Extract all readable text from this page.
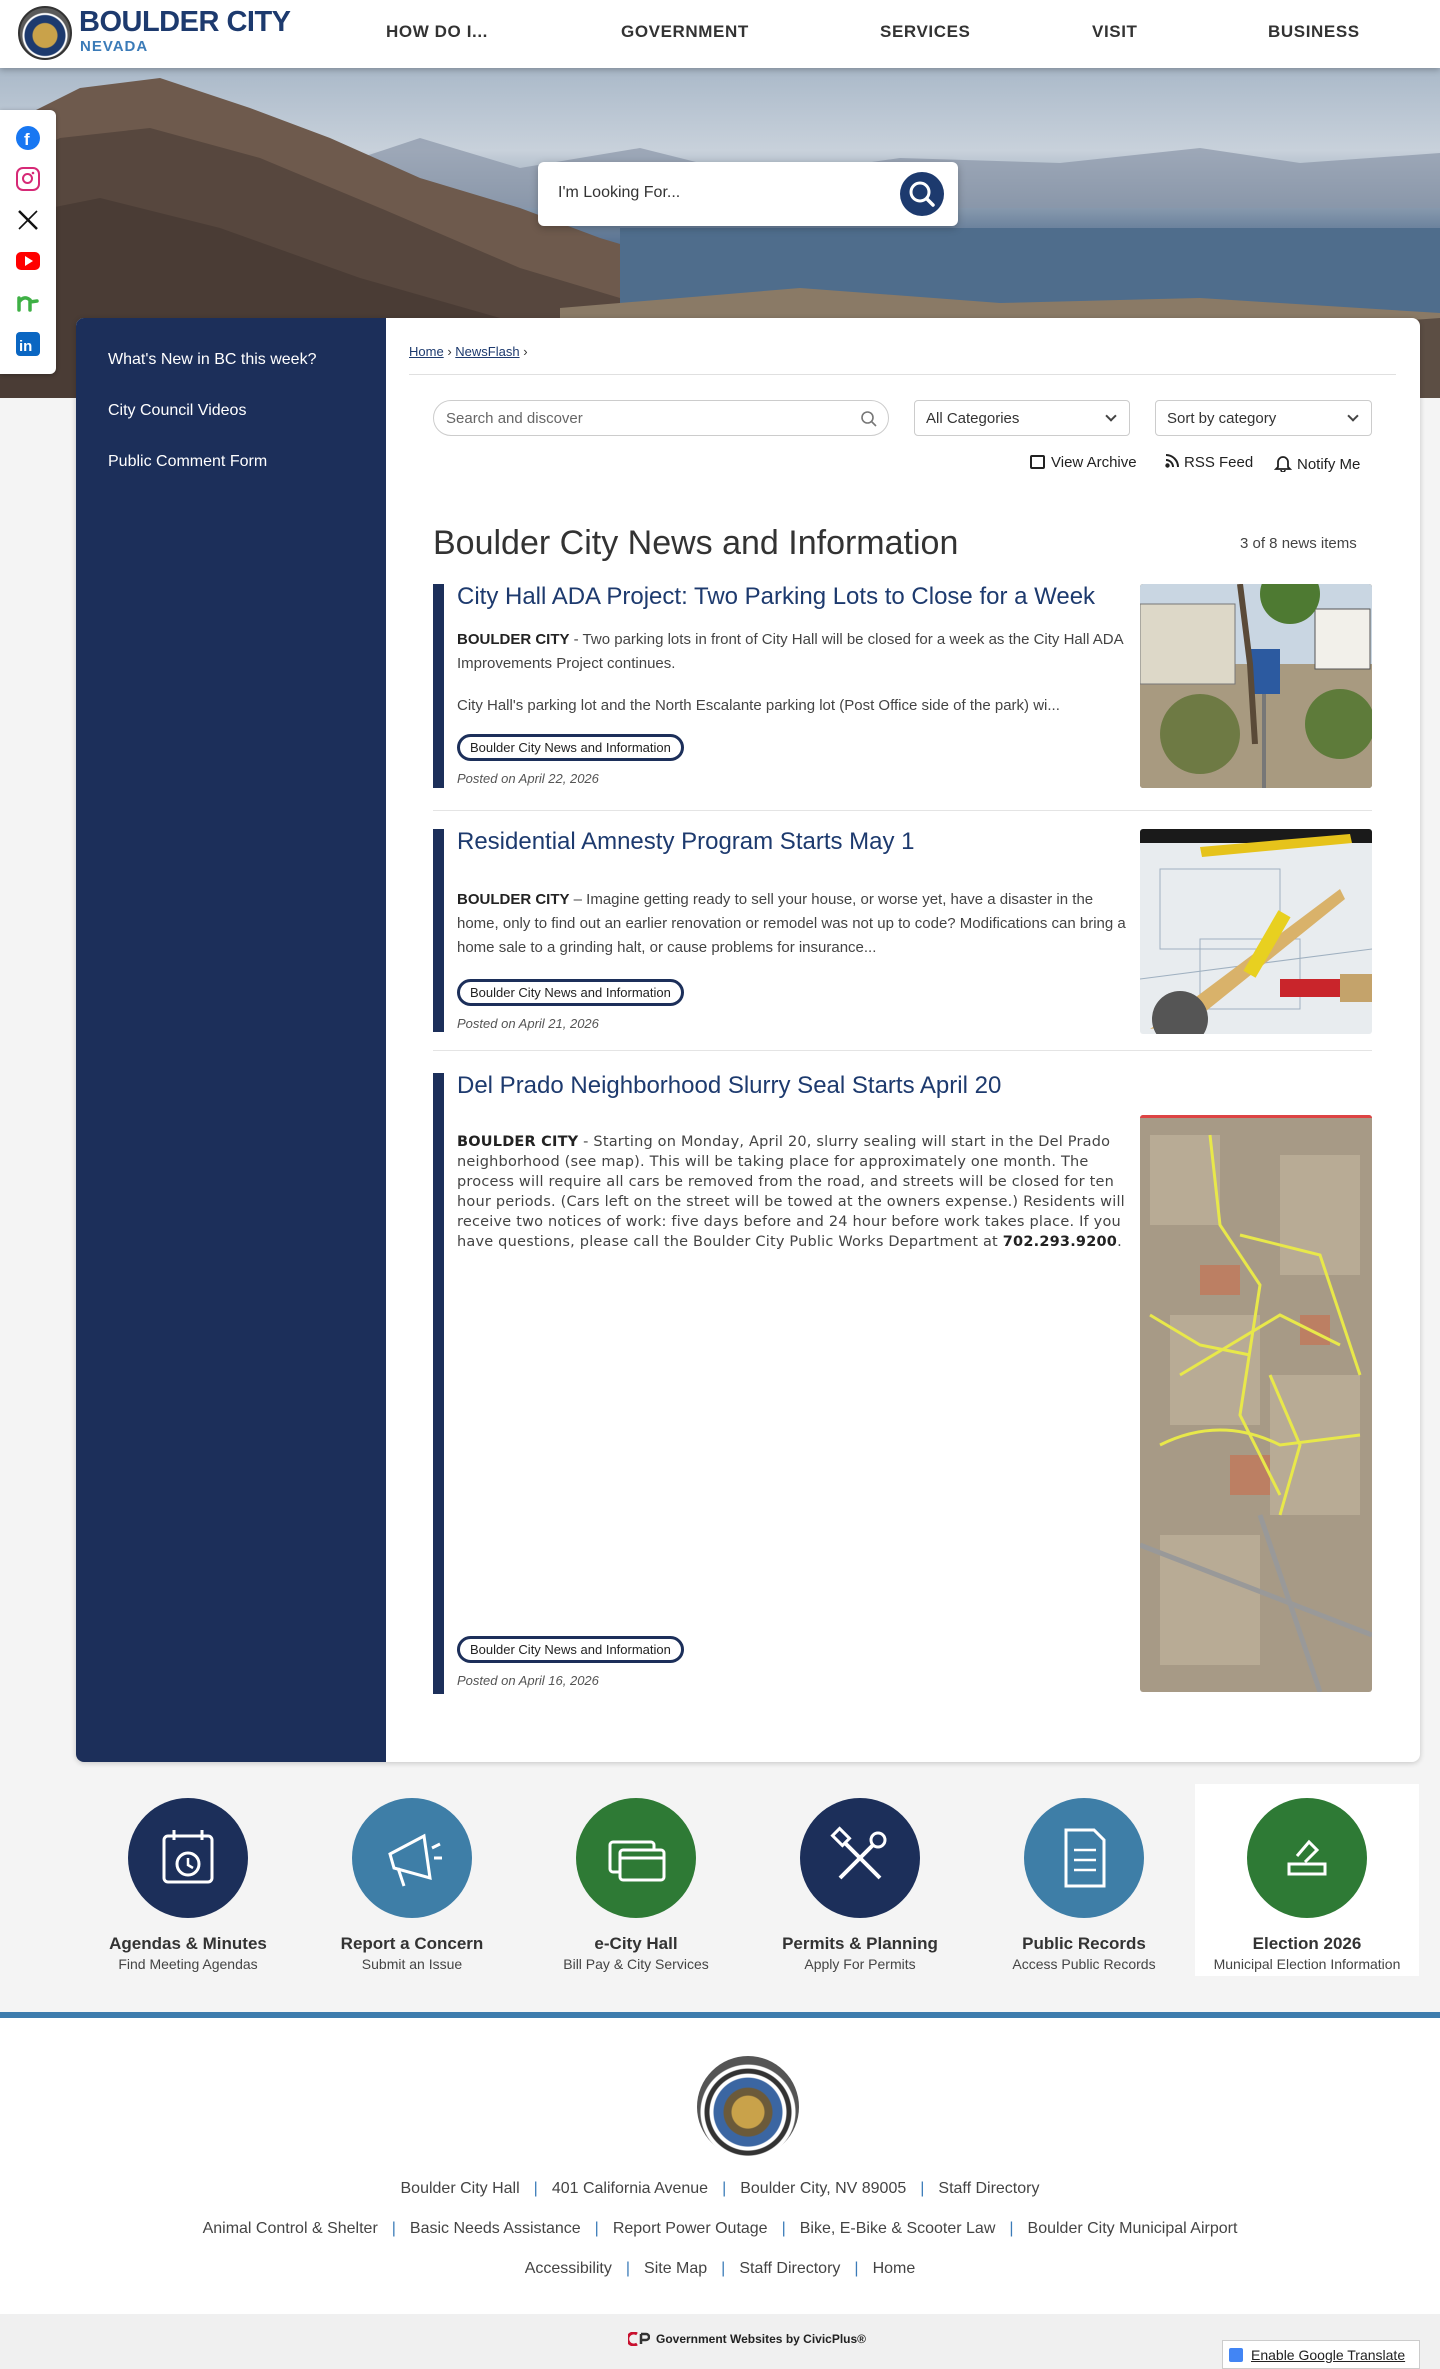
BOULDER CITY
NEVADA
HOW DO I...	GOVERNMENT	SERVICES	VISIT	BUSINESS
I'm Looking For...
f
in
What's New in BC this week?
City Council Videos
Public Comment Form
Home › NewsFlash ›
Search and discover	All Categories	Sort by category
View Archive	RSS Feed	Notify Me
Boulder City News and Information	3 of 8 news items
City Hall ADA Project: Two Parking Lots to Close for a Week
BOULDER CITY - Two parking lots in front of City Hall will be closed for a week as the City Hall ADA Improvements Project continues.
City Hall's parking lot and the North Escalante parking lot (Post Office side of the park) wi...
Boulder City News and Information
Posted on April 22, 2026
Residential Amnesty Program Starts May 1
BOULDER CITY – Imagine getting ready to sell your house, or worse yet, have a disaster in the home, only to find out an earlier renovation or remodel was not up to code? Modifications can bring a home sale to a grinding halt, or cause problems for insurance...
Boulder City News and Information
Posted on April 21, 2026
Del Prado Neighborhood Slurry Seal Starts April 20
BOULDER CITY - Starting on Monday, April 20, slurry sealing will start in the Del Prado neighborhood (see map). This will be taking place for approximately one month. The process will require all cars be removed from the road, and streets will be closed for ten hour periods. (Cars left on the street will be towed at the owners expense.) Residents will receive two notices of work: five days before and 24 hour before work takes place. If you have questions, please call the Boulder City Public Works Department at 702.293.9200.
Boulder City News and Information
Posted on April 16, 2026
Agendas & Minutes
Find Meeting Agendas
Report a Concern
Submit an Issue
e-City Hall
Bill Pay & City Services
Permits & Planning
Apply For Permits
Public Records
Access Public Records
Election 2026
Municipal Election Information
Boulder City Hall | 401 California Avenue | Boulder City, NV 89005 | Staff Directory
Animal Control & Shelter | Basic Needs Assistance | Report Power Outage | Bike, E-Bike & Scooter Law | Boulder City Municipal Airport
Accessibility | Site Map | Staff Directory | Home
Government Websites by CivicPlus®
Enable Google Translate
